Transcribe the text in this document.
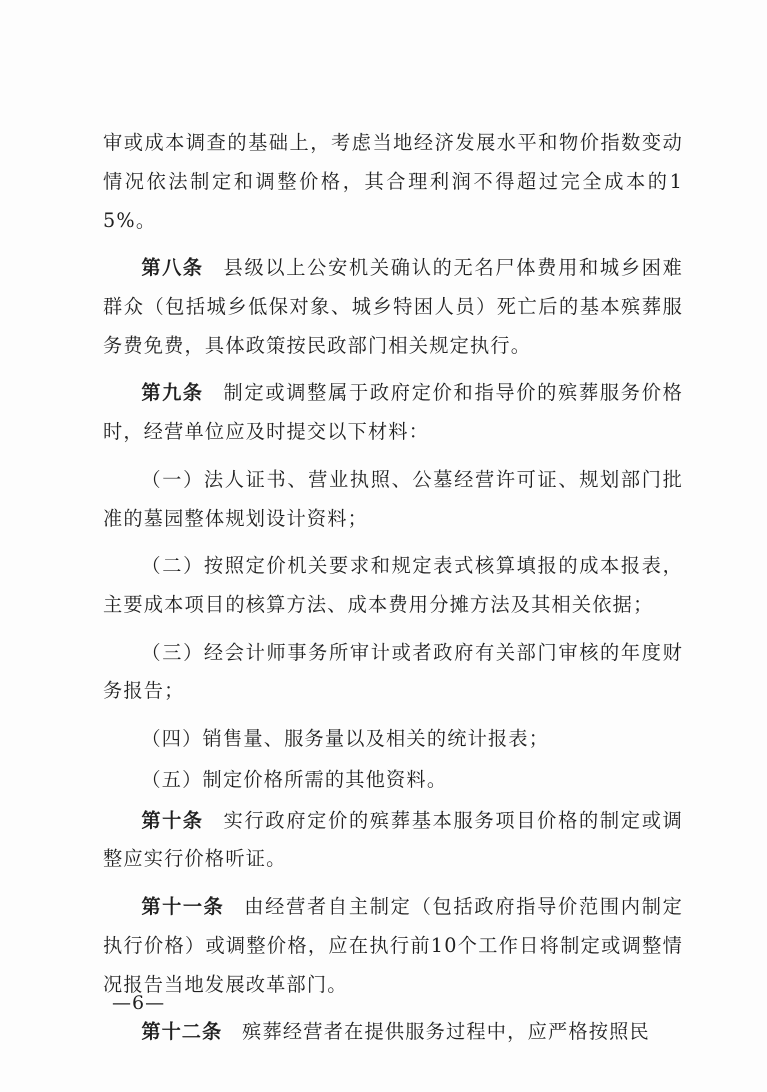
审或成本调查的基础上，考虑当地经济发展水平和物价指数变动情况依法制定和调整价格，其合理利润不得超过完全成本的15%。

第八条 县级以上公安机关确认的无名尸体费用和城乡困难群众（包括城乡低保对象、城乡特困人员）死亡后的基本殡葬服务费免费，具体政策按民政部门相关规定执行。

第九条 制定或调整属于政府定价和指导价的殡葬服务价格时，经营单位应及时提交以下材料：

（一）法人证书、营业执照、公墓经营许可证、规划部门批准的墓园整体规划设计资料；

（二）按照定价机关要求和规定表式核算填报的成本报表，主要成本项目的核算方法、成本费用分摊方法及其相关依据；

（三）经会计师事务所审计或者政府有关部门审核的年度财务报告；

（四）销售量、服务量以及相关的统计报表；

（五）制定价格所需的其他资料。

第十条 实行政府定价的殡葬基本服务项目价格的制定或调整应实行价格听证。

第十一条 由经营者自主制定（包括政府指导价范围内制定执行价格）或调整价格，应在执行前10个工作日将制定或调整情况报告当地发展改革部门。

第十二条 殡葬经营者在提供服务过程中，应严格按照民

—6—
